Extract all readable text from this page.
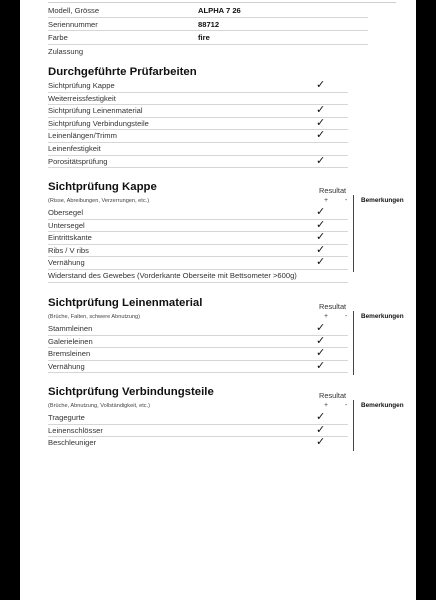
Modell, Grösse	ALPHA 7 26
Seriennummer	88712
Farbe	fire
Zulassung
Durchgeführte Prüfarbeiten
Sichtprüfung Kappe	✓
Weiterreissfestigkeit
Sichtprüfung Leinenmaterial	✓
Sichtprüfung Verbindungsteile	✓
Leinenlängen/Trimm	✓
Leinenfestigkeit
Porositätsprüfung	✓
Sichtprüfung Kappe	Resultat
(Risse, Abreibungen, Verzerrungen, etc.)	+ - Bemerkungen
Obersegel	✓
Untersegel	✓
Eintrittskante	✓
Ribs / V ribs	✓
Vernähung	✓
Widerstand des Gewebes (Vorderkante Oberseite mit Bettsometer >600g)
Sichtprüfung Leinenmaterial	Resultat
(Brüche, Falten, schwere Abnutzung)	+ - Bemerkungen
Stammleinen	✓
Galerieleinen	✓
Bremsleinen	✓
Vernähung	✓
Sichtprüfung Verbindungsteile	Resultat
(Brüche, Abnutzung, Vollständigkeit, etc.)	+ - Bemerkungen
Tragegurte	✓
Leinenschlösser	✓
Beschleuniger	✓
